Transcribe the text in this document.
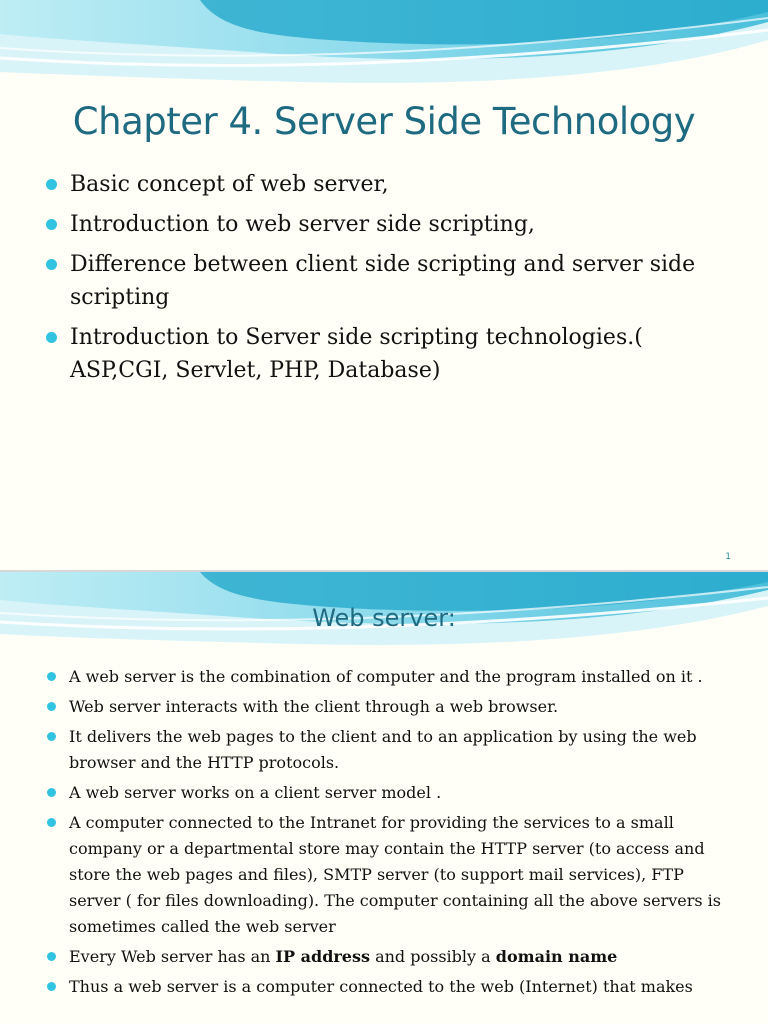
Chapter 4. Server Side Technology
Basic concept of web server,
Introduction to web server side scripting,
Difference between client side scripting and server side scripting
Introduction to Server side scripting technologies.( ASP,CGI, Servlet, PHP, Database)
1
Web server:
A web server is the combination of computer and the program installed on it .
Web server interacts with the client through a web browser.
It delivers the web pages to the client and to an application by using the web browser and the HTTP protocols.
A web server works on a client server model .
A computer connected to the Intranet for providing the services to a small company or a departmental store may contain the HTTP server (to access and store the web pages and files), SMTP server (to support mail services), FTP server ( for files downloading). The computer containing all the above servers is sometimes called the web server
Every Web server has an IP address and possibly a domain name
Thus a web server is a computer connected to the web (Internet) that makes
